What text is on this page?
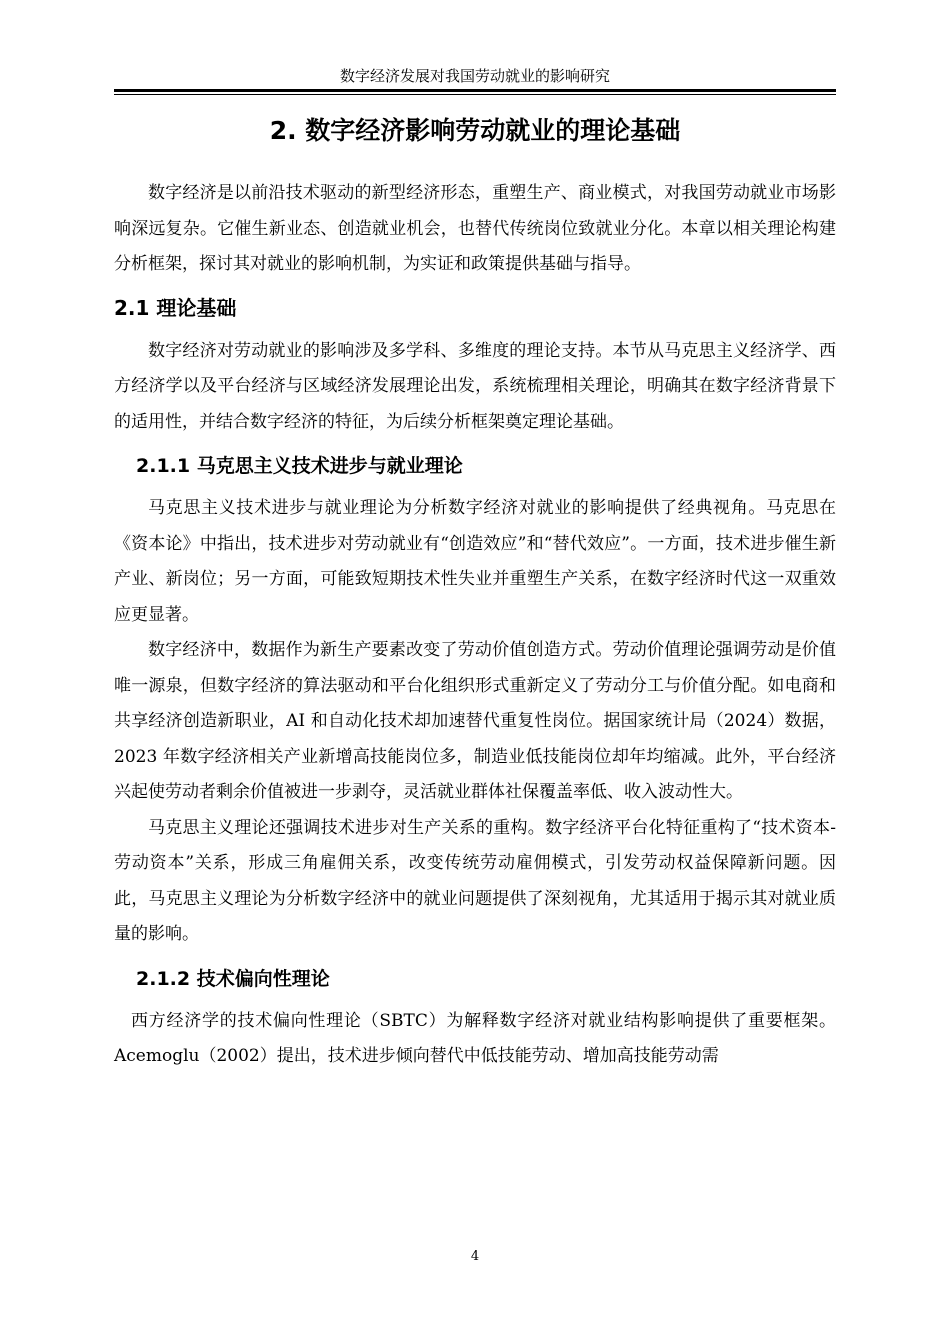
数字经济发展对我国劳动就业的影响研究
2. 数字经济影响劳动就业的理论基础

数字经济是以前沿技术驱动的新型经济形态，重塑生产、商业模式，对我国劳动就业市场影响深远复杂。它催生新业态、创造就业机会，也替代传统岗位致就业分化。本章以相关理论构建分析框架，探讨其对就业的影响机制，为实证和政策提供基础与指导。

2.1 理论基础

数字经济对劳动就业的影响涉及多学科、多维度的理论支持。本节从马克思主义经济学、西方经济学以及平台经济与区域经济发展理论出发，系统梳理相关理论，明确其在数字经济背景下的适用性，并结合数字经济的特征，为后续分析框架奠定理论基础。

2.1.1 马克思主义技术进步与就业理论

马克思主义技术进步与就业理论为分析数字经济对就业的影响提供了经典视角。马克思在《资本论》中指出，技术进步对劳动就业有“创造效应”和“替代效应”。一方面，技术进步催生新产业、新岗位；另一方面，可能致短期技术性失业并重塑生产关系，在数字经济时代这一双重效应更显著。

数字经济中，数据作为新生产要素改变了劳动价值创造方式。劳动价值理论强调劳动是价值唯一源泉，但数字经济的算法驱动和平台化组织形式重新定义了劳动分工与价值分配。如电商和共享经济创造新职业，AI 和自动化技术却加速替代重复性岗位。据国家统计局（2024）数据，2023 年数字经济相关产业新增高技能岗位多，制造业低技能岗位却年均缩减。此外，平台经济兴起使劳动者剩余价值被进一步剥夺，灵活就业群体社保覆盖率低、收入波动性大。

马克思主义理论还强调技术进步对生产关系的重构。数字经济平台化特征重构了“技术资本-劳动资本”关系，形成三角雇佣关系，改变传统劳动雇佣模式，引发劳动权益保障新问题。因此，马克思主义理论为分析数字经济中的就业问题提供了深刻视角，尤其适用于揭示其对就业质量的影响。

2.1.2 技术偏向性理论

西方经济学的技术偏向性理论（SBTC）为解释数字经济对就业结构影响提供了重要框架。Acemoglu（2002）提出，技术进步倾向替代中低技能劳动、增加高技能劳动需

4
